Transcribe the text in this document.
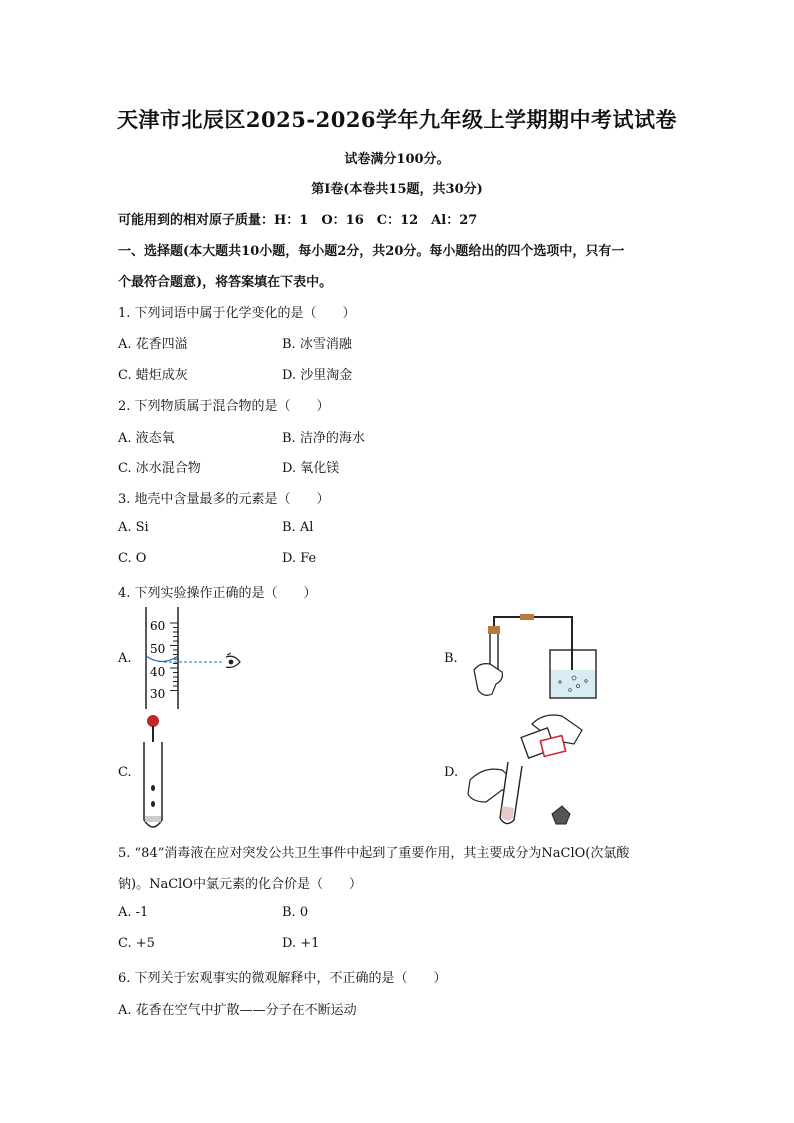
天津市北辰区2025-2026学年九年级上学期期中考试试卷
试卷满分100分。
第Ⅰ卷(本卷共15题，共30分)
可能用到的相对原子质量：H：1　O：16　C：12　Al：27
一、选择题(本大题共10小题，每小题2分，共20分。每小题给出的四个选项中，只有一
个最符合题意)，将答案填在下表中。
1. 下列词语中属于化学变化的是（　　）
A. 花香四溢	B. 冰雪消融
C. 蜡炬成灰	D. 沙里淘金
2. 下列物质属于混合物的是（　　）
A. 液态氧	B. 洁净的海水
C. 冰水混合物	D. 氧化镁
3. 地壳中含量最多的元素是（　　）
A. Si	B. Al
C. O	D. Fe
4. 下列实验操作正确的是（　　）
A.
60
50
40
30
B.
C.	D.
5. “84”消毒液在应对突发公共卫生事件中起到了重要作用，其主要成分为NaClO(次氯酸
钠)。NaClO中氯元素的化合价是（　　）
A. -1	B. 0
C. +5	D. +1
6. 下列关于宏观事实的微观解释中，不正确的是（　　）
A. 花香在空气中扩散——分子在不断运动
